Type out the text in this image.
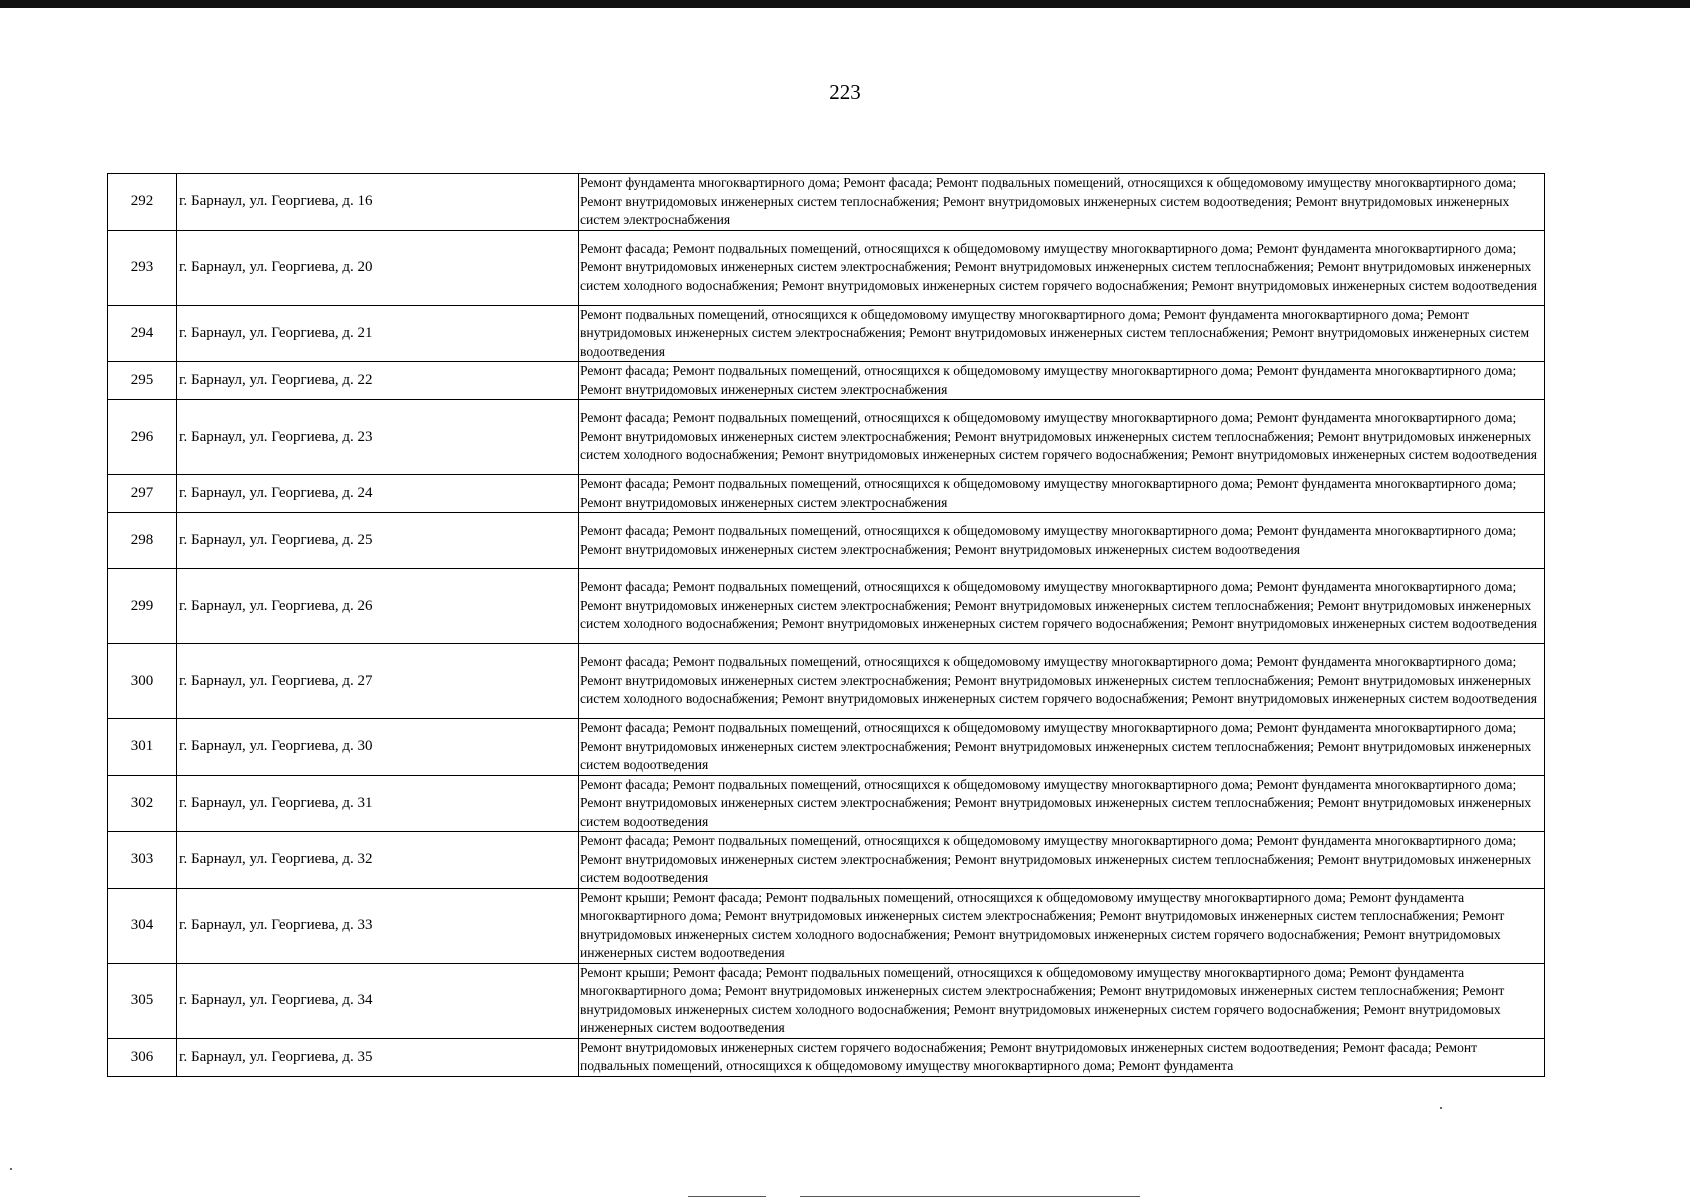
223
292	г. Барнаул, ул. Георгиева, д. 16	Ремонт фундамента многоквартирного дома; Ремонт фасада; Ремонт подвальных помещений, относящихся к общедомовому имуществу многоквартирного дома; Ремонт внутридомовых инженерных систем теплоснабжения; Ремонт внутридомовых инженерных систем водоотведения; Ремонт внутридомовых инженерных систем электроснабжения
293	г. Барнаул, ул. Георгиева, д. 20	Ремонт фасада; Ремонт подвальных помещений, относящихся к общедомовому имуществу многоквартирного дома; Ремонт фундамента многоквартирного дома; Ремонт внутридомовых инженерных систем электроснабжения; Ремонт внутридомовых инженерных систем теплоснабжения; Ремонт внутридомовых инженерных систем холодного водоснабжения; Ремонт внутридомовых инженерных систем горячего водоснабжения; Ремонт внутридомовых инженерных систем водоотведения
294	г. Барнаул, ул. Георгиева, д. 21	Ремонт подвальных помещений, относящихся к общедомовому имуществу многоквартирного дома; Ремонт фундамента многоквартирного дома; Ремонт внутридомовых инженерных систем электроснабжения; Ремонт внутридомовых инженерных систем теплоснабжения; Ремонт внутридомовых инженерных систем водоотведения
295	г. Барнаул, ул. Георгиева, д. 22	Ремонт фасада; Ремонт подвальных помещений, относящихся к общедомовому имуществу многоквартирного дома; Ремонт фундамента многоквартирного дома; Ремонт внутридомовых инженерных систем электроснабжения
296	г. Барнаул, ул. Георгиева, д. 23	Ремонт фасада; Ремонт подвальных помещений, относящихся к общедомовому имуществу многоквартирного дома; Ремонт фундамента многоквартирного дома; Ремонт внутридомовых инженерных систем электроснабжения; Ремонт внутридомовых инженерных систем теплоснабжения; Ремонт внутридомовых инженерных систем холодного водоснабжения; Ремонт внутридомовых инженерных систем горячего водоснабжения; Ремонт внутридомовых инженерных систем водоотведения
297	г. Барнаул, ул. Георгиева, д. 24	Ремонт фасада; Ремонт подвальных помещений, относящихся к общедомовому имуществу многоквартирного дома; Ремонт фундамента многоквартирного дома; Ремонт внутридомовых инженерных систем электроснабжения
298	г. Барнаул, ул. Георгиева, д. 25	Ремонт фасада; Ремонт подвальных помещений, относящихся к общедомовому имуществу многоквартирного дома; Ремонт фундамента многоквартирного дома; Ремонт внутридомовых инженерных систем электроснабжения; Ремонт внутридомовых инженерных систем водоотведения
299	г. Барнаул, ул. Георгиева, д. 26	Ремонт фасада; Ремонт подвальных помещений, относящихся к общедомовому имуществу многоквартирного дома; Ремонт фундамента многоквартирного дома; Ремонт внутридомовых инженерных систем электроснабжения; Ремонт внутридомовых инженерных систем теплоснабжения; Ремонт внутридомовых инженерных систем холодного водоснабжения; Ремонт внутридомовых инженерных систем горячего водоснабжения; Ремонт внутридомовых инженерных систем водоотведения
300	г. Барнаул, ул. Георгиева, д. 27	Ремонт фасада; Ремонт подвальных помещений, относящихся к общедомовому имуществу многоквартирного дома; Ремонт фундамента многоквартирного дома; Ремонт внутридомовых инженерных систем электроснабжения; Ремонт внутридомовых инженерных систем теплоснабжения; Ремонт внутридомовых инженерных систем холодного водоснабжения; Ремонт внутридомовых инженерных систем горячего водоснабжения; Ремонт внутридомовых инженерных систем водоотведения
301	г. Барнаул, ул. Георгиева, д. 30	Ремонт фасада; Ремонт подвальных помещений, относящихся к общедомовому имуществу многоквартирного дома; Ремонт фундамента многоквартирного дома; Ремонт внутридомовых инженерных систем электроснабжения; Ремонт внутридомовых инженерных систем теплоснабжения; Ремонт внутридомовых инженерных систем водоотведения
302	г. Барнаул, ул. Георгиева, д. 31	Ремонт фасада; Ремонт подвальных помещений, относящихся к общедомовому имуществу многоквартирного дома; Ремонт фундамента многоквартирного дома; Ремонт внутридомовых инженерных систем электроснабжения; Ремонт внутридомовых инженерных систем теплоснабжения; Ремонт внутридомовых инженерных систем водоотведения
303	г. Барнаул, ул. Георгиева, д. 32	Ремонт фасада; Ремонт подвальных помещений, относящихся к общедомовому имуществу многоквартирного дома; Ремонт фундамента многоквартирного дома; Ремонт внутридомовых инженерных систем электроснабжения; Ремонт внутридомовых инженерных систем теплоснабжения; Ремонт внутридомовых инженерных систем водоотведения
304	г. Барнаул, ул. Георгиева, д. 33	Ремонт крыши; Ремонт фасада; Ремонт подвальных помещений, относящихся к общедомовому имуществу многоквартирного дома; Ремонт фундамента многоквартирного дома; Ремонт внутридомовых инженерных систем электроснабжения; Ремонт внутридомовых инженерных систем теплоснабжения; Ремонт внутридомовых инженерных систем холодного водоснабжения; Ремонт внутридомовых инженерных систем горячего водоснабжения; Ремонт внутридомовых инженерных систем водоотведения
305	г. Барнаул, ул. Георгиева, д. 34	Ремонт крыши; Ремонт фасада; Ремонт подвальных помещений, относящихся к общедомовому имуществу многоквартирного дома; Ремонт фундамента многоквартирного дома; Ремонт внутридомовых инженерных систем электроснабжения; Ремонт внутридомовых инженерных систем теплоснабжения; Ремонт внутридомовых инженерных систем холодного водоснабжения; Ремонт внутридомовых инженерных систем горячего водоснабжения; Ремонт внутридомовых инженерных систем водоотведения
306	г. Барнаул, ул. Георгиева, д. 35	Ремонт внутридомовых инженерных систем горячего водоснабжения; Ремонт внутридомовых инженерных систем водоотведения; Ремонт фасада; Ремонт подвальных помещений, относящихся к общедомовому имуществу многоквартирного дома; Ремонт фундамента
